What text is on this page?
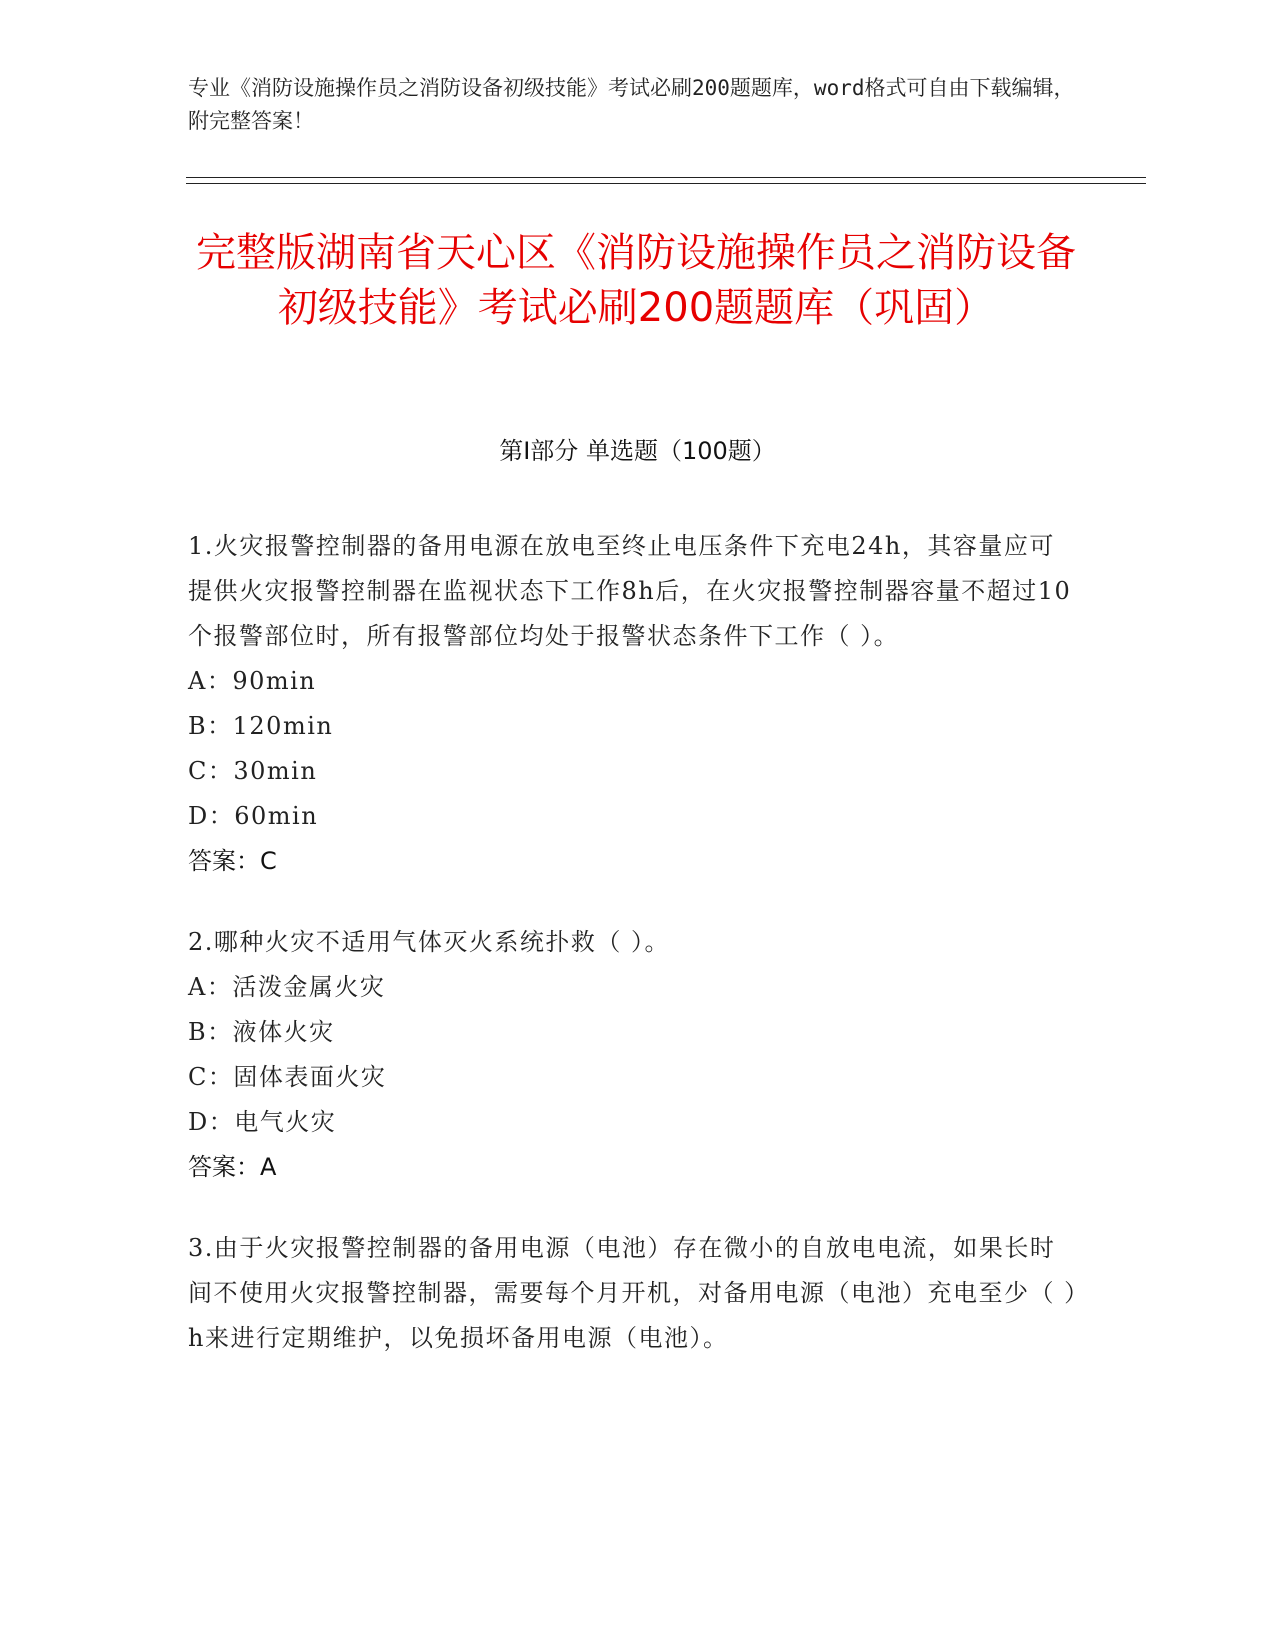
专业《消防设施操作员之消防设备初级技能》考试必刷200题题库，word格式可自由下载编辑，附完整答案！
完整版湖南省天心区《消防设施操作员之消防设备初级技能》考试必刷200题题库（巩固）
第Ⅰ部分 单选题（100题）

1.火灾报警控制器的备用电源在放电至终止电压条件下充电24h，其容量应可提供火灾报警控制器在监视状态下工作8h后，在火灾报警控制器容量不超过10个报警部位时，所有报警部位均处于报警状态条件下工作（ ）。

A：90min

B：120min

C：30min

D：60min

答案：C

2.哪种火灾不适用气体灭火系统扑救（ ）。

A：活泼金属火灾

B：液体火灾

C：固体表面火灾

D：电气火灾

答案：A

3.由于火灾报警控制器的备用电源（电池）存在微小的自放电电流，如果长时间不使用火灾报警控制器，需要每个月开机，对备用电源（电池）充电至少（ ）h来进行定期维护，以免损坏备用电源（电池）。
